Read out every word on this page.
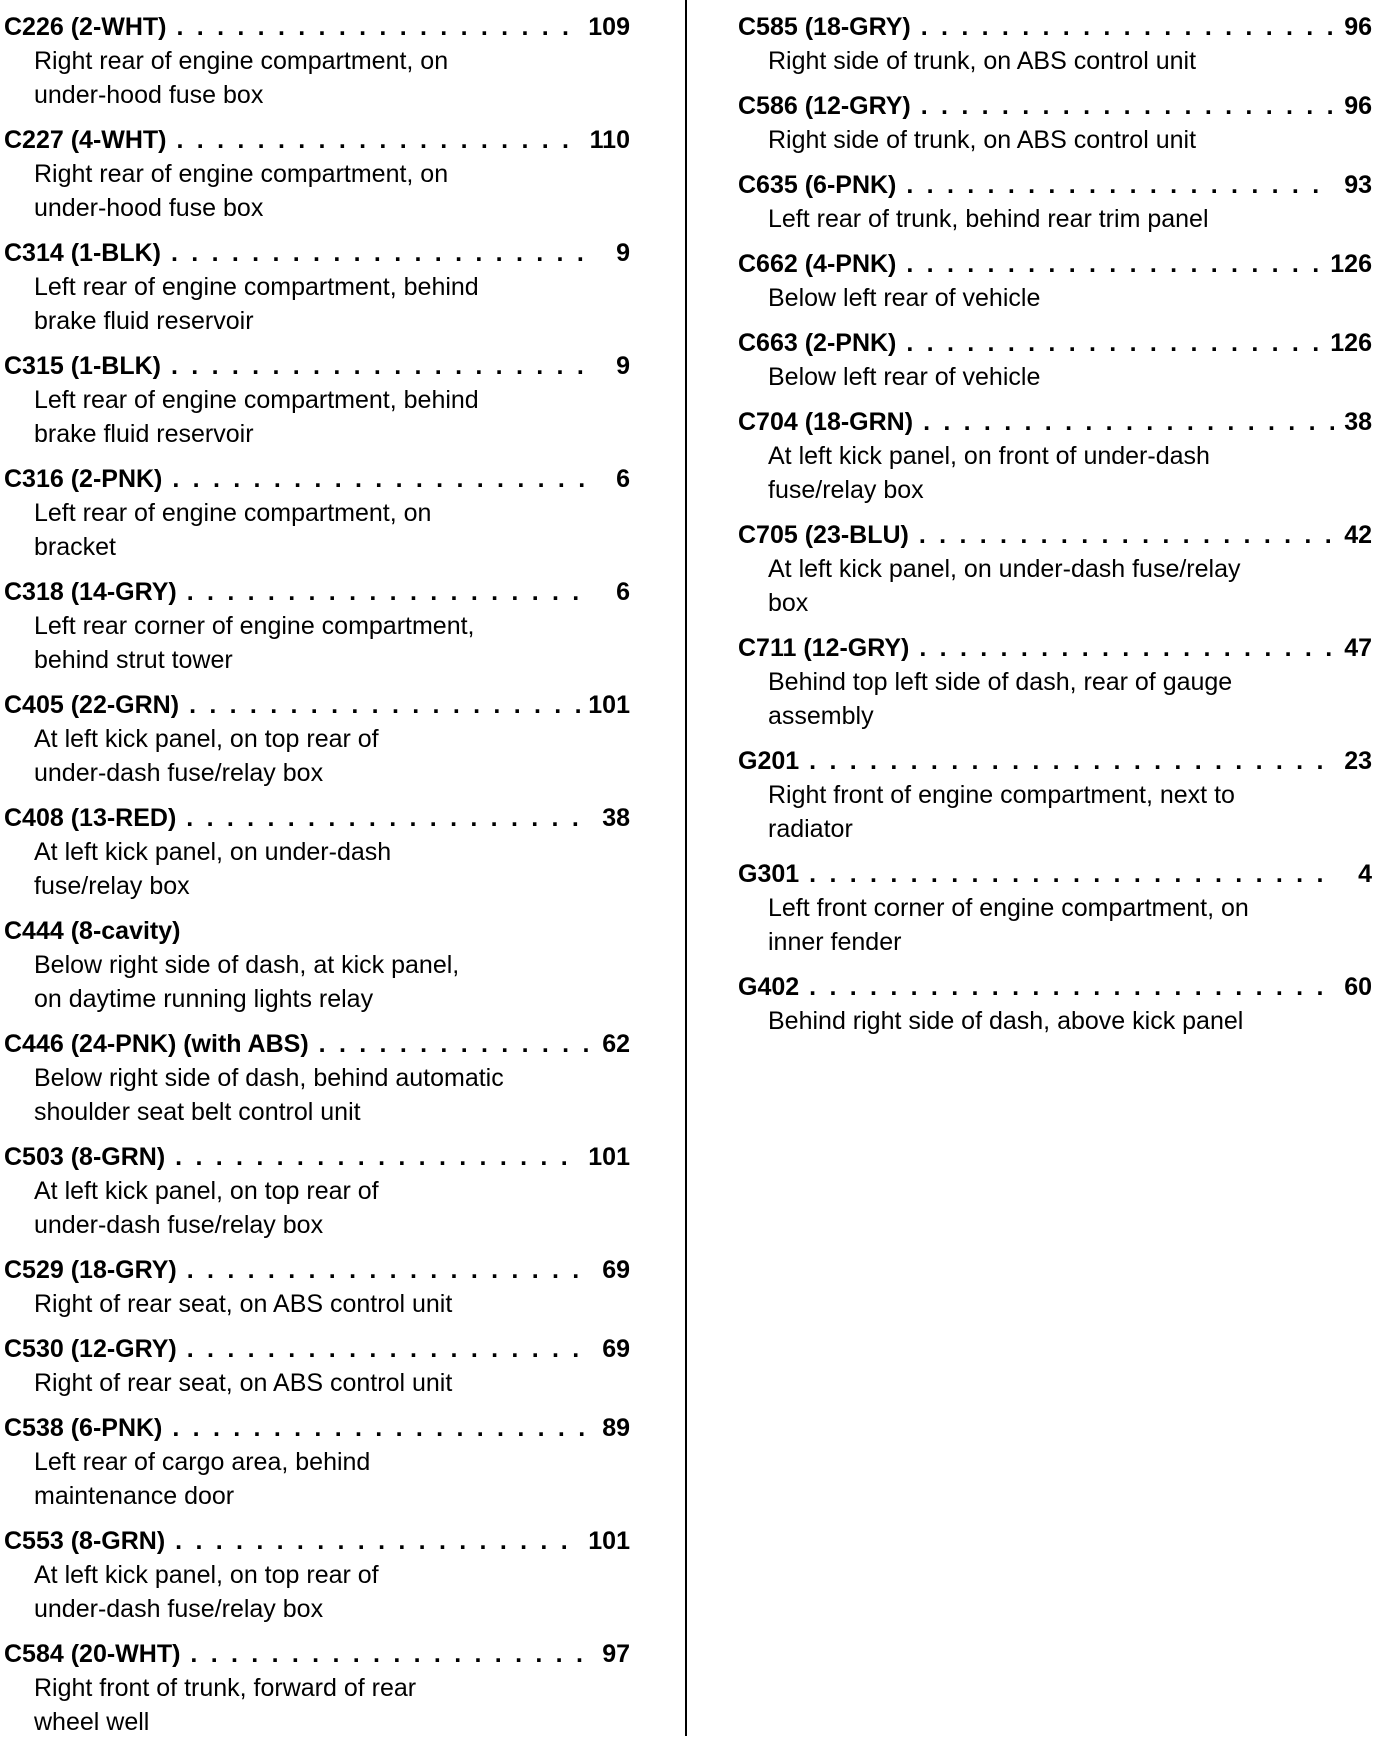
C226 (2-WHT) . . .	109
Right rear of engine compartment, on
under-hood fuse box
C227 (4-WHT) . . .	110
Right rear of engine compartment, on
under-hood fuse box
C314 (1-BLK) . . .	9
Left rear of engine compartment, behind
brake fluid reservoir
C315 (1-BLK) . . .	9
Left rear of engine compartment, behind
brake fluid reservoir
C316 (2-PNK) . . .	6
Left rear of engine compartment, on
bracket
C318 (14-GRY) . . .	6
Left rear corner of engine compartment,
behind strut tower
C405 (22-GRN) . . .	101
At left kick panel, on top rear of
under-dash fuse/relay box
C408 (13-RED) . . .	38
At left kick panel, on under-dash
fuse/relay box
C444 (8-cavity)
Below right side of dash, at kick panel,
on daytime running lights relay
C446 (24-PNK) (with ABS) . . .	62
Below right side of dash, behind automatic
shoulder seat belt control unit
C503 (8-GRN) . . .	101
At left kick panel, on top rear of
under-dash fuse/relay box
C529 (18-GRY) . . .	69
Right of rear seat, on ABS control unit
C530 (12-GRY) . . .	69
Right of rear seat, on ABS control unit
C538 (6-PNK) . . .	89
Left rear of cargo area, behind
maintenance door
C553 (8-GRN) . . .	101
At left kick panel, on top rear of
under-dash fuse/relay box
C584 (20-WHT) . . .	97
Right front of trunk, forward of rear
wheel well
C585 (18-GRY) . . .	96
Right side of trunk, on ABS control unit
C586 (12-GRY) . . .	96
Right side of trunk, on ABS control unit
C635 (6-PNK) . . .	93
Left rear of trunk, behind rear trim panel
C662 (4-PNK) . . .	126
Below left rear of vehicle
C663 (2-PNK) . . .	126
Below left rear of vehicle
C704 (18-GRN) . . .	38
At left kick panel, on front of under-dash
fuse/relay box
C705 (23-BLU) . . .	42
At left kick panel, on under-dash fuse/relay
box
C711 (12-GRY) . . .	47
Behind top left side of dash, rear of gauge
assembly
G201 . . .	23
Right front of engine compartment, next to
radiator
G301 . . .	4
Left front corner of engine compartment, on
inner fender
G402 . . .	60
Behind right side of dash, above kick panel
